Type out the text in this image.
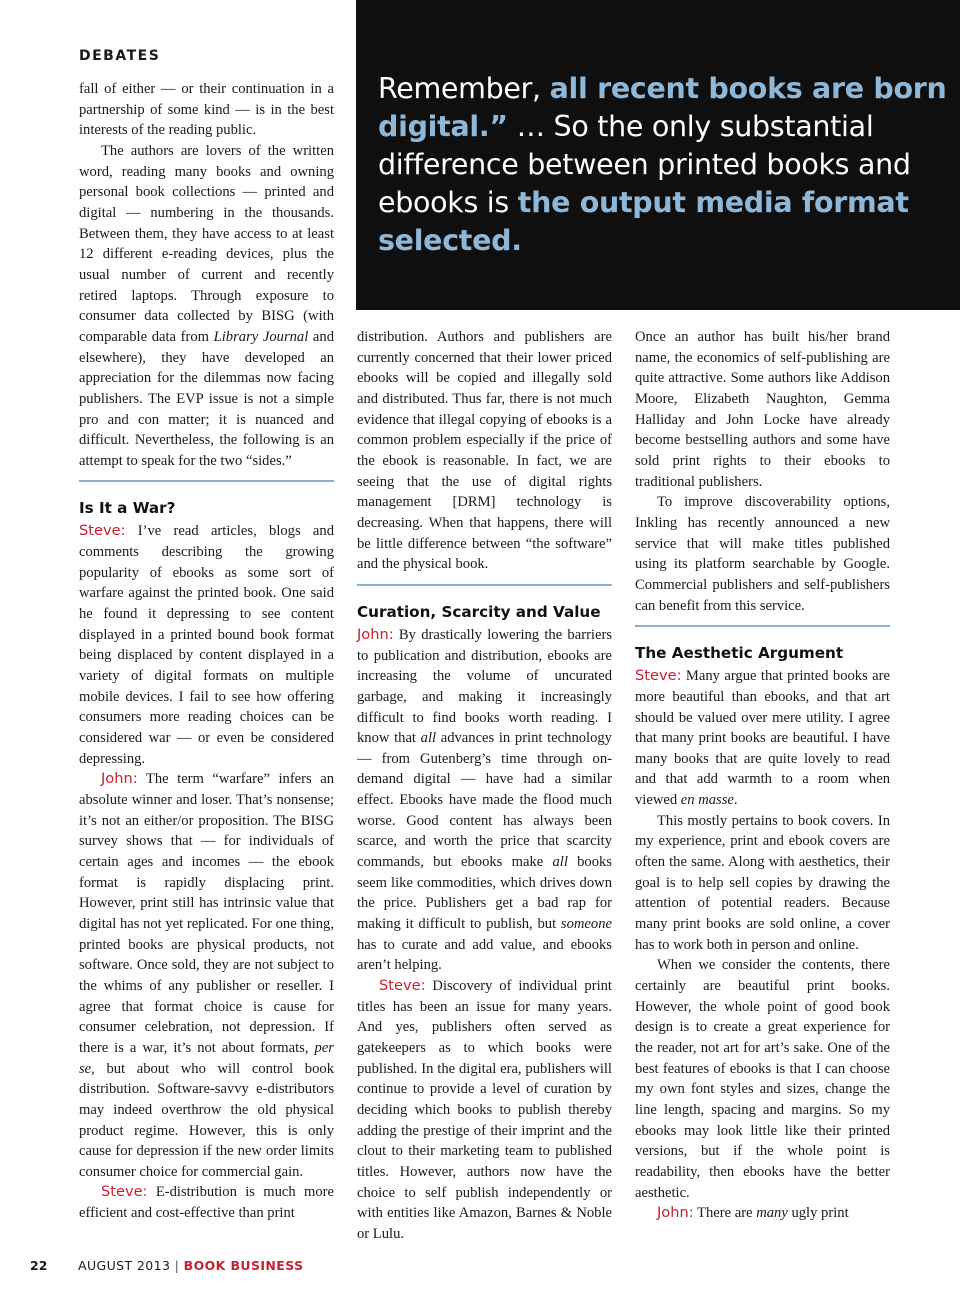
DEBATES

fall of either — or their continuation in a partnership of some kind — is in the best interests of the reading public.

The authors are lovers of the written word, reading many books and owning personal book collections — printed and digital — numbering in the thousands. Between them, they have access to at least 12 different e-reading devices, plus the usual number of current and recently retired laptops. Through exposure to consumer data collected by BISG (with comparable data from Library Journal and elsewhere), they have developed an appreciation for the dilemmas now facing publishers. The EVP issue is not a simple pro and con matter; it is nuanced and difficult. Nevertheless, the following is an attempt to speak for the two “sides.”

Is It a War?

Steve: I’ve read articles, blogs and comments describing the growing popularity of ebooks as some sort of warfare against the printed book. One said he found it depressing to see content displayed in a printed bound book format being displaced by content displayed in a variety of digital formats on multiple mobile devices. I fail to see how offering consumers more reading choices can be considered war — or even be considered depressing.

John: The term “warfare” infers an absolute winner and loser. That’s nonsense; it’s not an either/or proposition. The BISG survey shows that — for individuals of certain ages and incomes — the ebook format is rapidly displacing print. However, print still has intrinsic value that digital has not yet replicated. For one thing, printed books are physical products, not software. Once sold, they are not subject to the whims of any publisher or reseller. I agree that format choice is cause for consumer celebration, not depression. If there is a war, it’s not about formats, per se, but about who will control book distribution. Software-savvy e-distributors may indeed overthrow the old physical product regime. However, this is only cause for depression if the new order limits consumer choice for commercial gain.

Steve: E-distribution is much more efficient and cost-effective than print

Remember, all recent books are born digital.” … So the only substantial difference between printed books and ebooks is the output media format selected.

distribution. Authors and publishers are currently concerned that their lower priced ebooks will be copied and illegally sold and distributed. Thus far, there is not much evidence that illegal copying of ebooks is a common problem especially if the price of the ebook is reasonable. In fact, we are seeing that the use of digital rights management [DRM] technology is decreasing. When that happens, there will be little difference between “the software” and the physical book.

Curation, Scarcity and Value

John: By drastically lowering the barriers to publication and distribution, ebooks are increasing the volume of uncurated garbage, and making it increasingly difficult to find books worth reading. I know that all advances in print technology — from Gutenberg’s time through on-demand digital — have had a similar effect. Ebooks have made the flood much worse. Good content has always been scarce, and worth the price that scarcity commands, but ebooks make all books seem like commodities, which drives down the price. Publishers get a bad rap for making it difficult to publish, but someone has to curate and add value, and ebooks aren’t helping.

Steve: Discovery of individual print titles has been an issue for many years. And yes, publishers often served as gatekeepers as to which books were published. In the digital era, publishers will continue to provide a level of curation by deciding which books to publish thereby adding the prestige of their imprint and the clout to their marketing team to published titles. However, authors now have the choice to self publish independently or with entities like Amazon, Barnes & Noble or Lulu.

Once an author has built his/her brand name, the economics of self-publishing are quite attractive. Some authors like Addison Moore, Elizabeth Naughton, Gemma Halliday and John Locke have already become bestselling authors and some have sold print rights to their ebooks to traditional publishers.

To improve discoverability options, Inkling has recently announced a new service that will make titles published using its platform searchable by Google. Commercial publishers and self-publishers can benefit from this service.

The Aesthetic Argument

Steve: Many argue that printed books are more beautiful than ebooks, and that art should be valued over mere utility. I agree that many print books are beautiful. I have many books that are quite lovely to read and that add warmth to a room when viewed en masse.

This mostly pertains to book covers. In my experience, print and ebook covers are often the same. Along with aesthetics, their goal is to help sell copies by drawing the attention of potential readers. Because many print books are sold online, a cover has to work both in person and online.

When we consider the contents, there certainly are beautiful print books. However, the whole point of good book design is to create a great experience for the reader, not art for art’s sake. One of the best features of ebooks is that I can choose my own font styles and sizes, change the line length, spacing and margins. So my ebooks may look little like their printed versions, but if the whole point is readability, then ebooks have the better aesthetic.

John: There are many ugly print

22 AUGUST 2013 | BOOK BUSINESS
